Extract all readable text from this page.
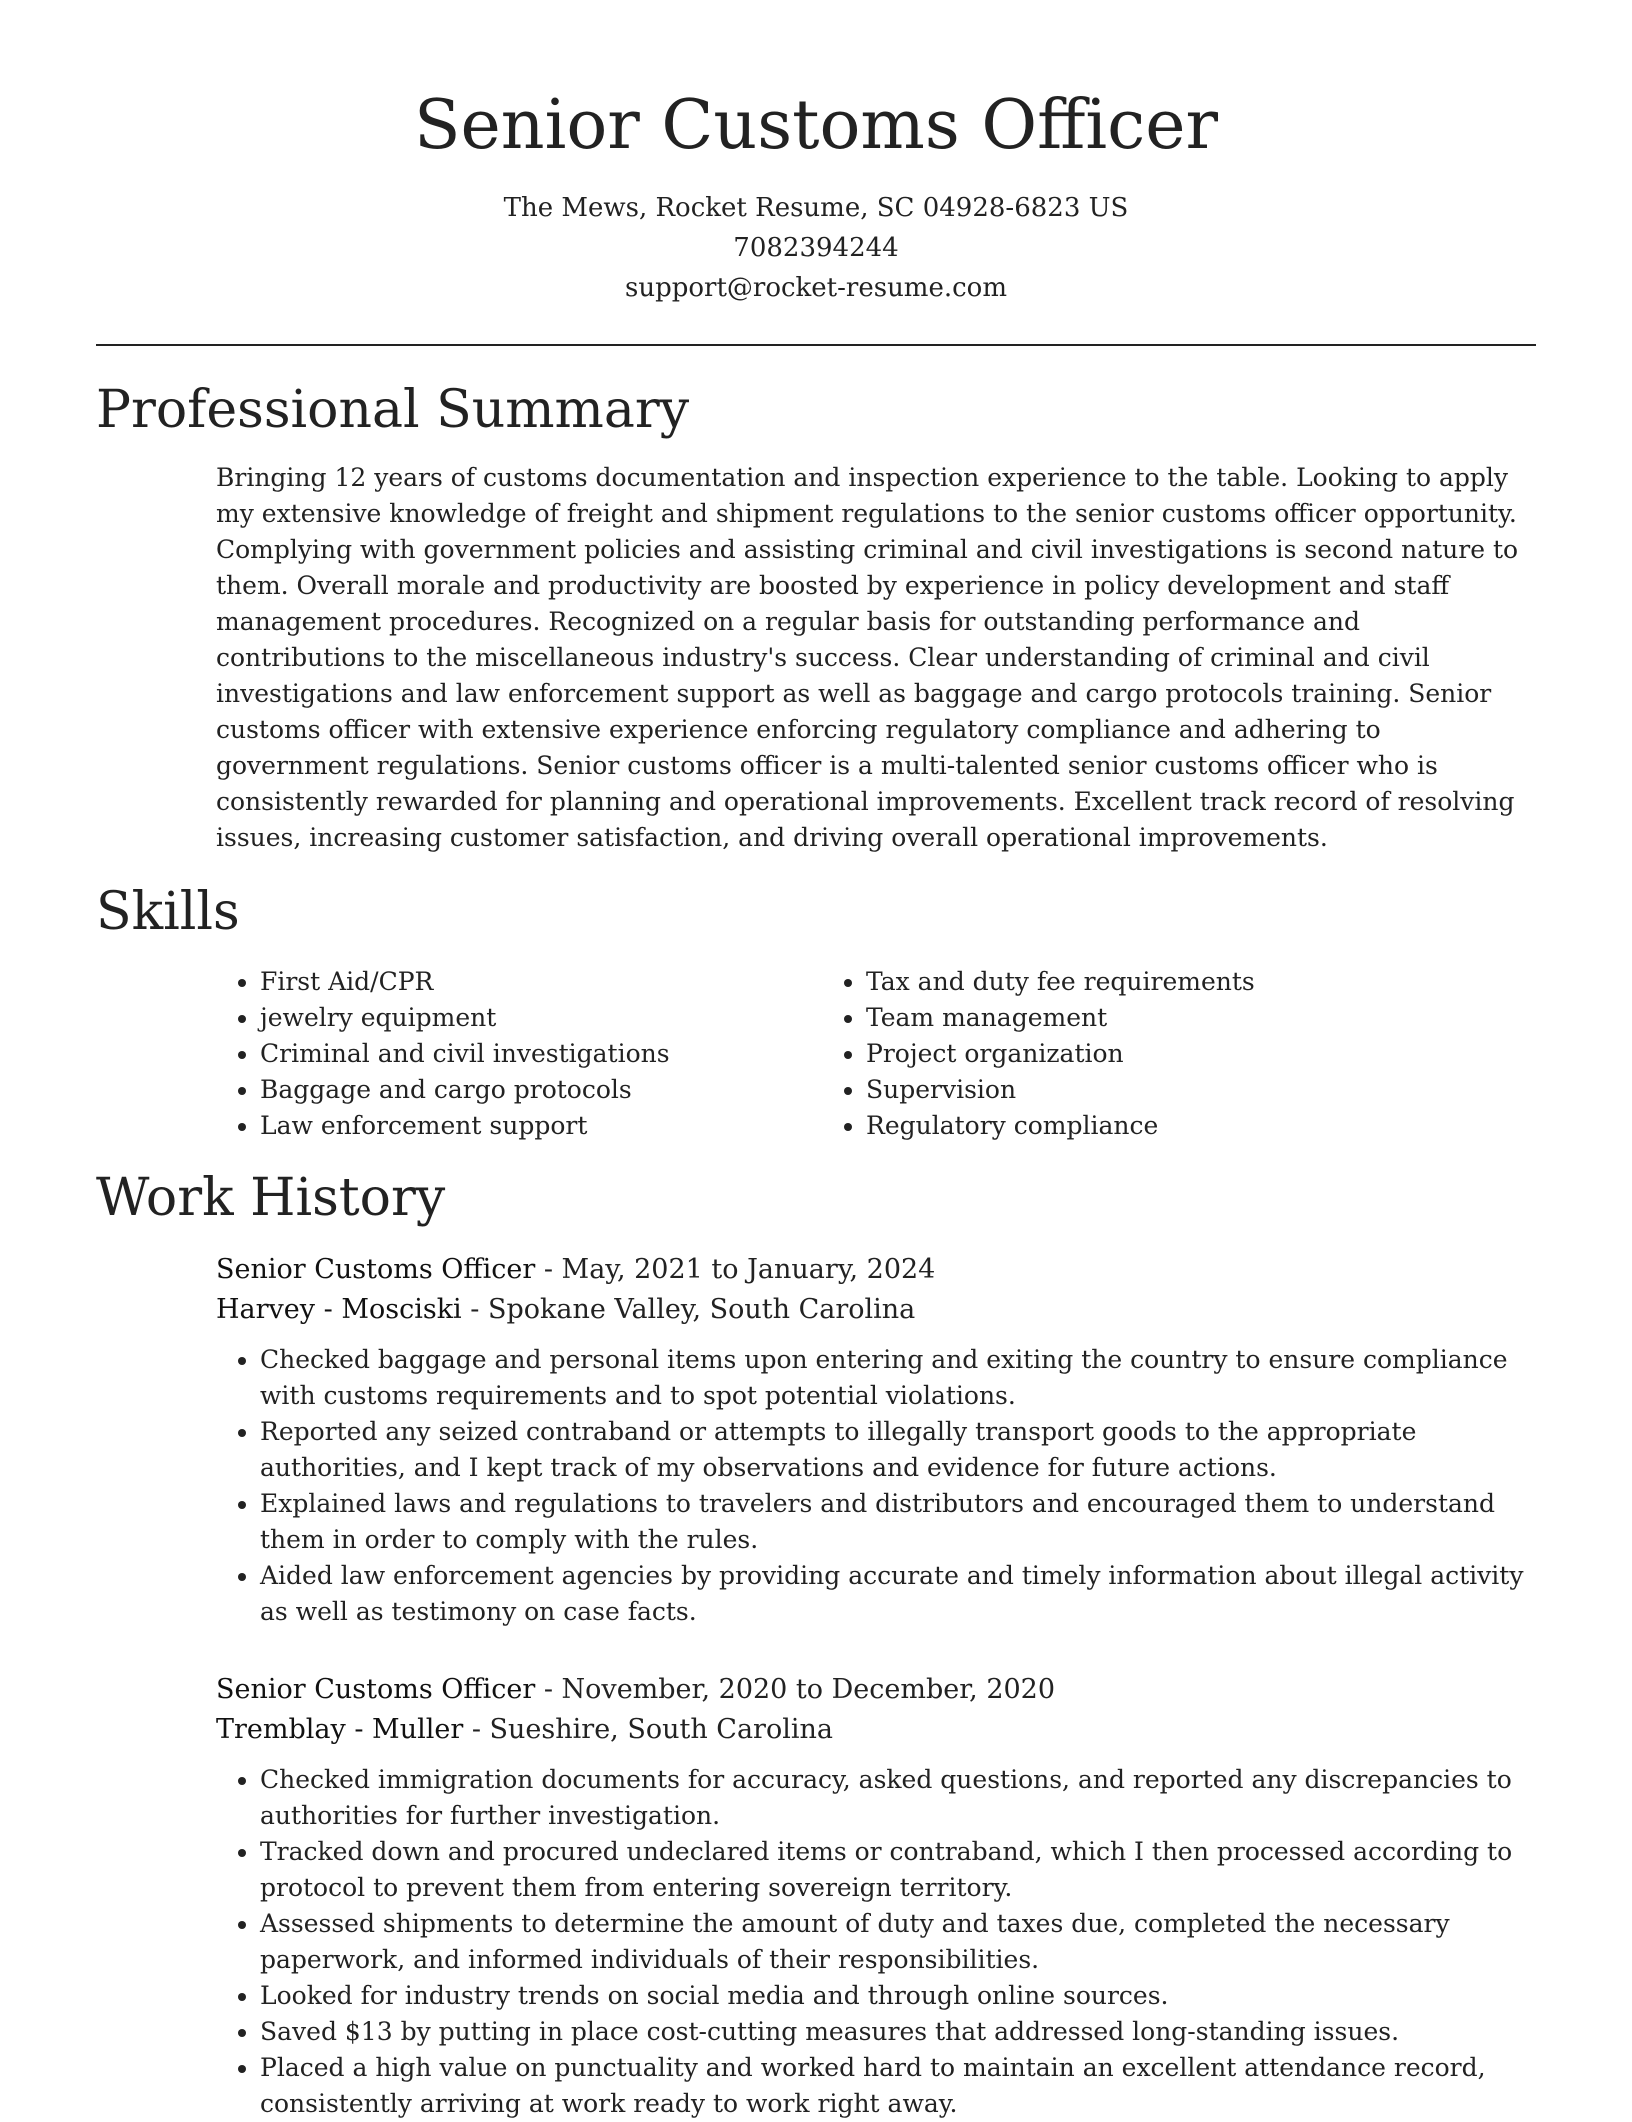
Senior Customs Officer
The Mews, Rocket Resume, SC 04928-6823 US
7082394244
support@rocket-resume.com
Professional Summary
Bringing 12 years of customs documentation and inspection experience to the table. Looking to apply my extensive knowledge of freight and shipment regulations to the senior customs officer opportunity. Complying with government policies and assisting criminal and civil investigations is second nature to them. Overall morale and productivity are boosted by experience in policy development and staff management procedures. Recognized on a regular basis for outstanding performance and contributions to the miscellaneous industry's success. Clear understanding of criminal and civil investigations and law enforcement support as well as baggage and cargo protocols training. Senior customs officer with extensive experience enforcing regulatory compliance and adhering to government regulations. Senior customs officer is a multi-talented senior customs officer who is consistently rewarded for planning and operational improvements. Excellent track record of resolving issues, increasing customer satisfaction, and driving overall operational improvements.
Skills
• First Aid/CPR
• jewelry equipment
• Criminal and civil investigations
• Baggage and cargo protocols
• Law enforcement support
• Tax and duty fee requirements
• Team management
• Project organization
• Supervision
• Regulatory compliance
Work History
Senior Customs Officer - May, 2021 to January, 2024
Harvey - Mosciski - Spokane Valley, South Carolina
• Checked baggage and personal items upon entering and exiting the country to ensure compliance with customs requirements and to spot potential violations.
• Reported any seized contraband or attempts to illegally transport goods to the appropriate authorities, and I kept track of my observations and evidence for future actions.
• Explained laws and regulations to travelers and distributors and encouraged them to understand them in order to comply with the rules.
• Aided law enforcement agencies by providing accurate and timely information about illegal activity as well as testimony on case facts.
Senior Customs Officer - November, 2020 to December, 2020
Tremblay - Muller - Sueshire, South Carolina
• Checked immigration documents for accuracy, asked questions, and reported any discrepancies to authorities for further investigation.
• Tracked down and procured undeclared items or contraband, which I then processed according to protocol to prevent them from entering sovereign territory.
• Assessed shipments to determine the amount of duty and taxes due, completed the necessary paperwork, and informed individuals of their responsibilities.
• Looked for industry trends on social media and through online sources.
• Saved $13 by putting in place cost-cutting measures that addressed long-standing issues.
• Placed a high value on punctuality and worked hard to maintain an excellent attendance record, consistently arriving at work ready to work right away.
